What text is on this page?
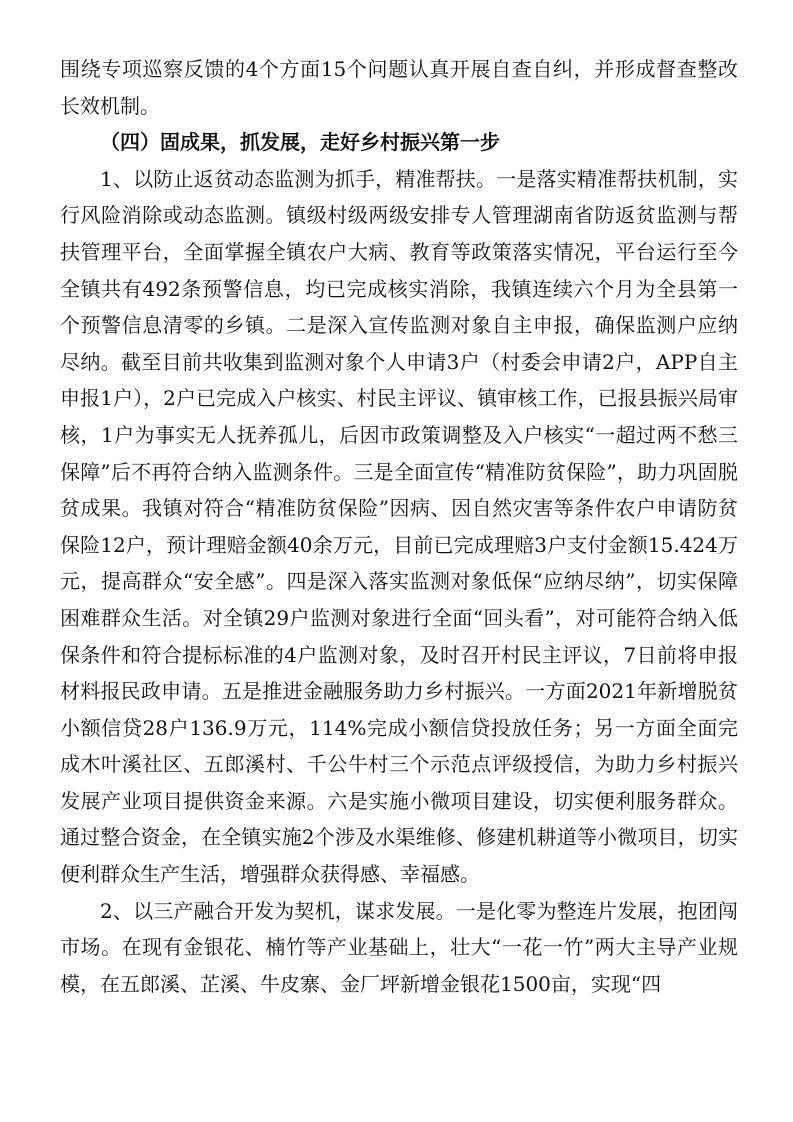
围绕专项巡察反馈的4个方面15个问题认真开展自查自纠，并形成督查整改长效机制。

（四）固成果，抓发展，走好乡村振兴第一步

1、以防止返贫动态监测为抓手，精准帮扶。一是落实精准帮扶机制，实行风险消除或动态监测。镇级村级两级安排专人管理湖南省防返贫监测与帮扶管理平台，全面掌握全镇农户大病、教育等政策落实情况，平台运行至今全镇共有492条预警信息，均已完成核实消除，我镇连续六个月为全县第一个预警信息清零的乡镇。二是深入宣传监测对象自主申报，确保监测户应纳尽纳。截至目前共收集到监测对象个人申请3户（村委会申请2户，APP自主申报1户），2户已完成入户核实、村民主评议、镇审核工作，已报县振兴局审核，1户为事实无人抚养孤儿，后因市政策调整及入户核实“一超过两不愁三保障”后不再符合纳入监测条件。三是全面宣传“精准防贫保险”，助力巩固脱贫成果。我镇对符合“精准防贫保险”因病、因自然灾害等条件农户申请防贫保险12户，预计理赔金额40余万元，目前已完成理赔3户支付金额15.424万元，提高群众“安全感”。四是深入落实监测对象低保“应纳尽纳”，切实保障困难群众生活。对全镇29户监测对象进行全面“回头看”，对可能符合纳入低保条件和符合提标标准的4户监测对象，及时召开村民主评议，7日前将申报材料报民政申请。五是推进金融服务助力乡村振兴。一方面2021年新增脱贫小额信贷28户136.9万元，114%完成小额信贷投放任务；另一方面全面完成木叶溪社区、五郎溪村、千公牛村三个示范点评级授信，为助力乡村振兴发展产业项目提供资金来源。六是实施小微项目建设，切实便利服务群众。通过整合资金，在全镇实施2个涉及水渠维修、修建机耕道等小微项目，切实便利群众生产生活，增强群众获得感、幸福感。

2、以三产融合开发为契机，谋求发展。一是化零为整连片发展，抱团闯市场。在现有金银花、楠竹等产业基础上，壮大“一花一竹”两大主导产业规模，在五郎溪、芷溪、牛皮寨、金厂坪新增金银花1500亩，实现“四
